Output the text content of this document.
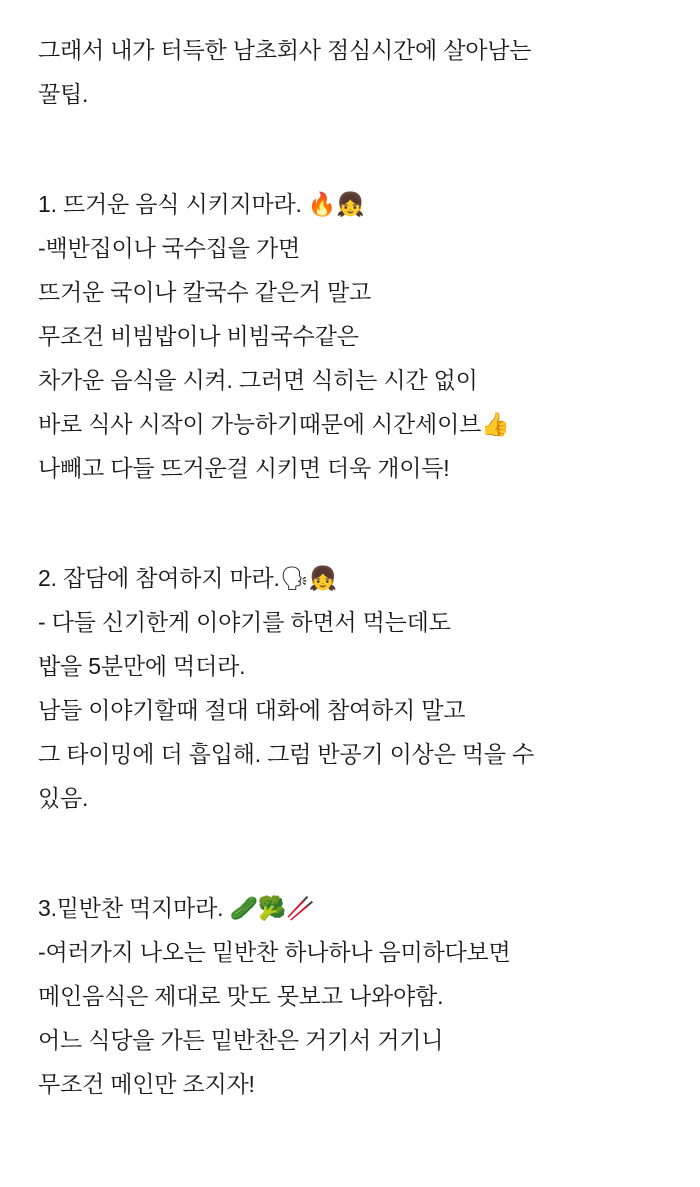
그래서 내가 터득한 남초회사 점심시간에 살아남는
꿀팁.
1. 뜨거운 음식 시키지마라. 🔥👧
-백반집이나 국수집을 가면
뜨거운 국이나 칼국수 같은거 말고
무조건 비빔밥이나 비빔국수같은
차가운 음식을 시켜. 그러면 식히는 시간 없이
바로 식사 시작이 가능하기때문에 시간세이브👍
나빼고 다들 뜨거운걸 시키면 더욱 개이득!
2. 잡담에 참여하지 마라.🗣👧
- 다들 신기한게 이야기를 하면서 먹는데도
밥을 5분만에 먹더라.
남들 이야기할때 절대 대화에 참여하지 말고
그 타이밍에 더 흡입해. 그럼 반공기 이상은 먹을 수
있음.
3.밑반찬 먹지마라. 🥒🥦🥢
-여러가지 나오는 밑반찬 하나하나 음미하다보면
메인음식은 제대로 맛도 못보고 나와야함.
어느 식당을 가든 밑반찬은 거기서 거기니
무조건 메인만 조지자!
